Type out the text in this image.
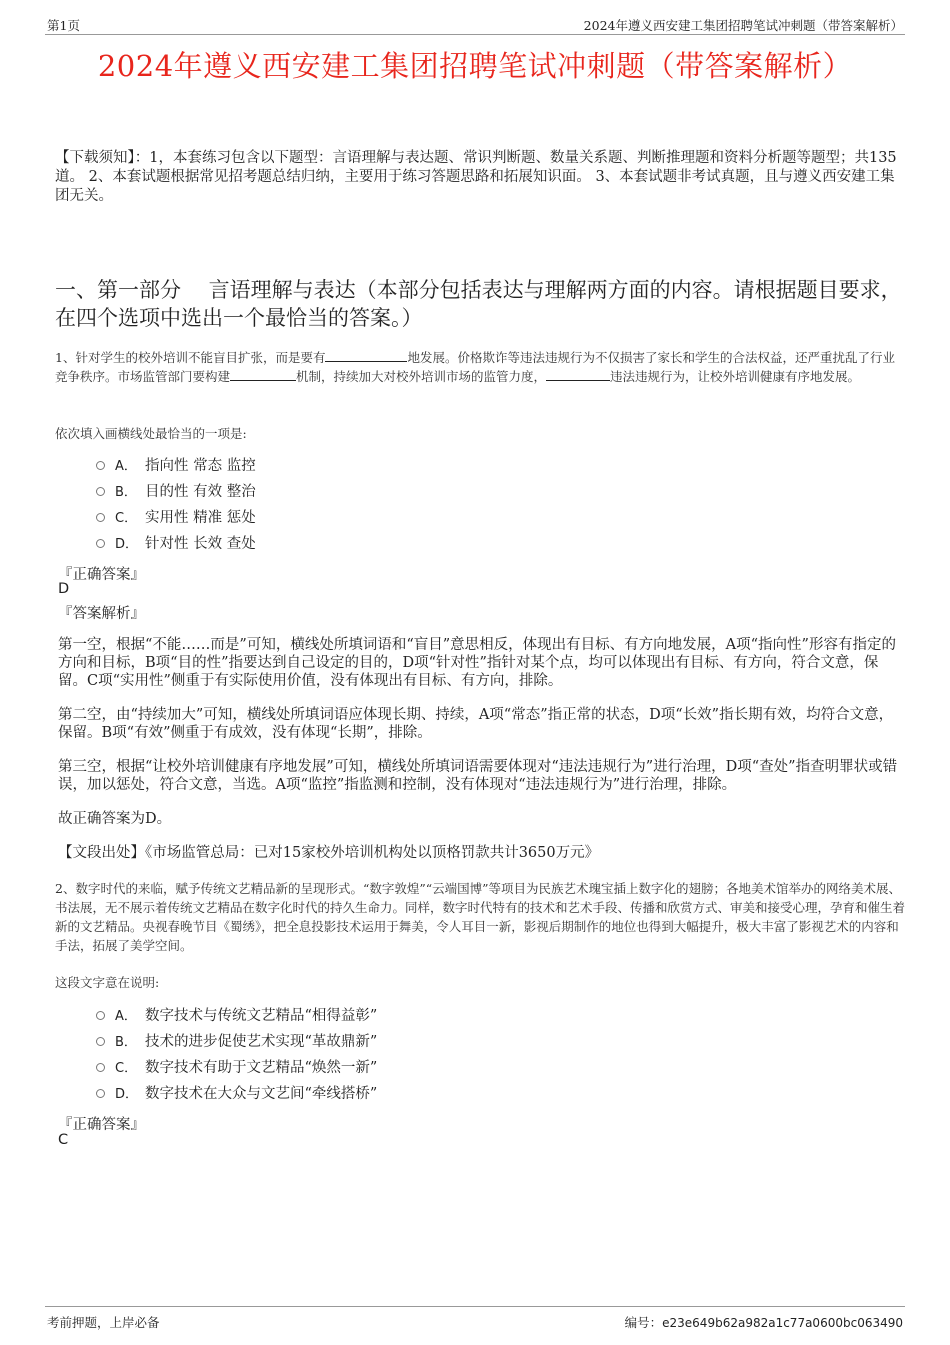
第1页	2024年遵义西安建工集团招聘笔试冲刺题（带答案解析）
2024年遵义西安建工集团招聘笔试冲刺题（带答案解析）
【下载须知】：1，本套练习包含以下题型：言语理解与表达题、常识判断题、数量关系题、判断推理题和资料分析题等题型；共135道。 2、本套试题根据常见招考题总结归纳，主要用于练习答题思路和拓展知识面。 3、本套试题非考试真题，且与遵义西安建工集团无关。
一、第一部分　 言语理解与表达（本部分包括表达与理解两方面的内容。请根据题目要求，在四个选项中选出一个最恰当的答案。）
1、针对学生的校外培训不能盲目扩张，而是要有	地发展。价格欺诈等违法违规行为不仅损害了家长和学生的合法权益，还严重扰乱了行业竞争秩序。市场监管部门要构建	机制，持续加大对校外培训市场的监管力度，	违法违规行为，让校外培训健康有序地发展。
依次填入画横线处最恰当的一项是:
A． 指向性 常态 监控
B． 目的性 有效 整治
C． 实用性 精准 惩处
D． 针对性 长效 查处
『正确答案』
D
『答案解析』
第一空，根据“不能……而是”可知，横线处所填词语和“盲目”意思相反，体现出有目标、有方向地发展，A项“指向性”形容有指定的方向和目标，B项“目的性”指要达到自己设定的目的，D项“针对性”指针对某个点，均可以体现出有目标、有方向，符合文意，保留。C项“实用性”侧重于有实际使用价值，没有体现出有目标、有方向，排除。
第二空，由“持续加大”可知，横线处所填词语应体现长期、持续，A项“常态”指正常的状态，D项“长效”指长期有效，均符合文意，保留。B项“有效”侧重于有成效，没有体现“长期”，排除。
第三空，根据“让校外培训健康有序地发展”可知，横线处所填词语需要体现对“违法违规行为”进行治理，D项“查处”指查明罪状或错误，加以惩处，符合文意，当选。A项“监控”指监测和控制，没有体现对“违法违规行为”进行治理，排除。
故正确答案为D。
【文段出处】《市场监管总局：已对15家校外培训机构处以顶格罚款共计3650万元》
2、数字时代的来临，赋予传统文艺精品新的呈现形式。“数字敦煌”“云端国博”等项目为民族艺术瑰宝插上数字化的翅膀；各地美术馆举办的网络美术展、书法展，无不展示着传统文艺精品在数字化时代的持久生命力。同样，数字时代特有的技术和艺术手段、传播和欣赏方式、审美和接受心理，孕育和催生着新的文艺精品。央视春晚节目《蜀绣》，把全息投影技术运用于舞美，令人耳目一新，影视后期制作的地位也得到大幅提升，极大丰富了影视艺术的内容和手法，拓展了美学空间。
这段文字意在说明:
A． 数字技术与传统文艺精品“相得益彰”
B． 技术的进步促使艺术实现“革故鼎新”
C． 数字技术有助于文艺精品“焕然一新”
D． 数字技术在大众与文艺间“牵线搭桥”
『正确答案』
C
考前押题，上岸必备	编号：e23e649b62a982a1c77a0600bc063490
